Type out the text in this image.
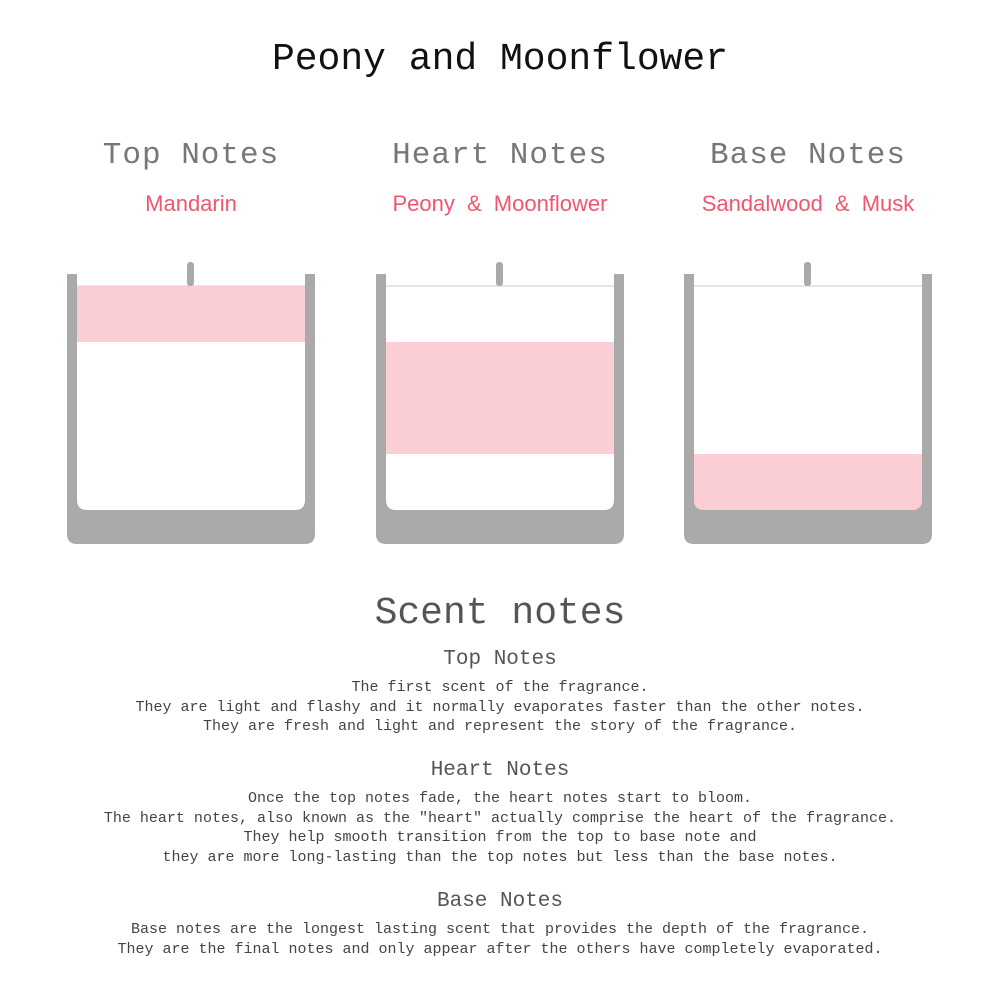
Peony and Moonflower
Top Notes
Mandarin
Heart Notes
Peony & Moonflower
Base Notes
Sandalwood & Musk
Scent notes
Top Notes
The first scent of the fragrance.
They are light and flashy and it normally evaporates faster than the other notes.
They are fresh and light and represent the story of the fragrance.
Heart Notes
Once the top notes fade, the heart notes start to bloom.
The heart notes, also known as the "heart" actually comprise the heart of the fragrance.
They help smooth transition from the top to base note and
they are more long-lasting than the top notes but less than the base notes.
Base Notes
Base notes are the longest lasting scent that provides the depth of the fragrance.
They are the final notes and only appear after the others have completely evaporated.
